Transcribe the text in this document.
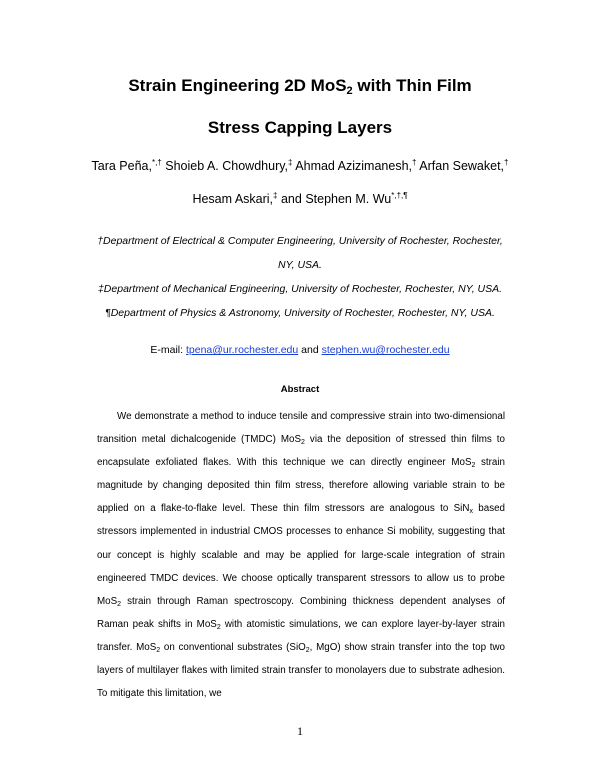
Strain Engineering 2D MoS$_2$ with Thin Film
Stress Capping Layers
Tara Peña,*,† Shoieb A. Chowdhury,‡ Ahmad Azizimanesh,† Arfan Sewaket,†
Hesam Askari,‡ and Stephen M. Wu*,†,¶
†Department of Electrical & Computer Engineering, University of Rochester, Rochester,
NY, USA.
‡Department of Mechanical Engineering, University of Rochester, Rochester, NY, USA.
¶Department of Physics & Astronomy, University of Rochester, Rochester, NY, USA.
E-mail: tpena@ur.rochester.edu and stephen.wu@rochester.edu
Abstract

We demonstrate a method to induce tensile and compressive strain into two-dimensional transition metal dichalcogenide (TMDC) MoS$_2$ via the deposition of stressed thin films to encapsulate exfoliated flakes. With this technique we can directly engineer MoS$_2$ strain magnitude by changing deposited thin film stress, therefore allowing variable strain to be applied on a flake-to-flake level. These thin film stressors are analogous to SiN$_x$ based stressors implemented in industrial CMOS processes to enhance Si mobility, suggesting that our concept is highly scalable and may be applied for large-scale integration of strain engineered TMDC devices. We choose optically transparent stressors to allow us to probe MoS$_2$ strain through Raman spectroscopy. Combining thickness dependent analyses of Raman peak shifts in MoS$_2$ with atomistic simulations, we can explore layer-by-layer strain transfer. MoS$_2$ on conventional substrates (SiO$_2$, MgO) show strain transfer into the top two layers of multilayer flakes with limited strain transfer to monolayers due to substrate adhesion. To mitigate this limitation, we

1
